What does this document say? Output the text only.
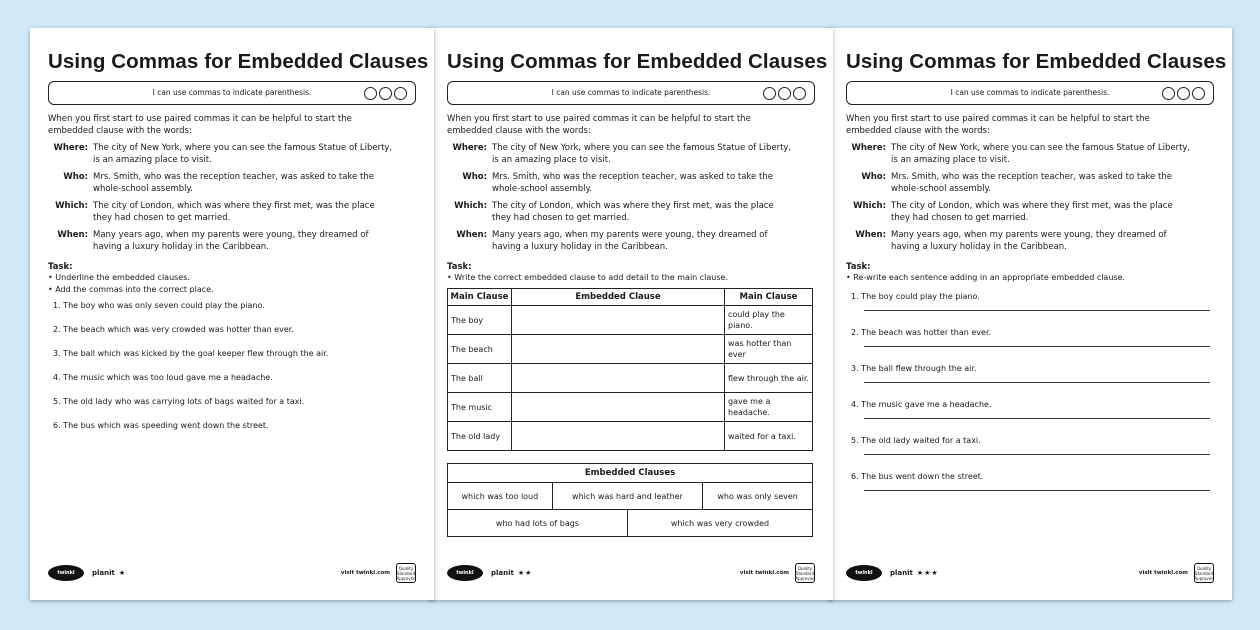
Using Commas for Embedded Clauses
I can use commas to indicate parenthesis.
When you first start to use paired commas it can be helpful to start the embedded clause with the words:
Where: The city of New York, where you can see the famous Statue of Liberty, is an amazing place to visit.
Who: Mrs. Smith, who was the reception teacher, was asked to take the whole-school assembly.
Which: The city of London, which was where they first met, was the place they had chosen to get married.
When: Many years ago, when my parents were young, they dreamed of having a luxury holiday in the Caribbean.
Task:
• Underline the embedded clauses.
• Add the commas into the correct place.
1. The boy who was only seven could play the piano.
2. The beach which was very crowded was hotter than ever.
3. The ball which was kicked by the goal keeper flew through the air.
4. The music which was too loud gave me a headache.
5. The old lady who was carrying lots of bags waited for a taxi.
6. The bus which was speeding went down the street.
twinkl	planit ★	visit twinkl.com
Quality Standard Approved
Using Commas for Embedded Clauses
I can use commas to indicate parenthesis.
When you first start to use paired commas it can be helpful to start the embedded clause with the words:
Where: The city of New York, where you can see the famous Statue of Liberty, is an amazing place to visit.
Who: Mrs. Smith, who was the reception teacher, was asked to take the whole-school assembly.
Which: The city of London, which was where they first met, was the place they had chosen to get married.
When: Many years ago, when my parents were young, they dreamed of having a luxury holiday in the Caribbean.
Task:
• Write the correct embedded clause to add detail to the main clause.
Main Clause	Embedded Clause	Main Clause
The boy		could play the piano.
The beach		was hotter than ever
The ball		flew through the air.
The music		gave me a headache.
The old lady		waited for a taxi.
Embedded Clauses			
which was too loud	which was hard and leather		who was only seven
who had lots of bags		which was very crowded	
twinkl	planit ★★	visit twinkl.com
Quality Standard Approved
Using Commas for Embedded Clauses
I can use commas to indicate parenthesis.
When you first start to use paired commas it can be helpful to start the embedded clause with the words:
Where: The city of New York, where you can see the famous Statue of Liberty, is an amazing place to visit.
Who: Mrs. Smith, who was the reception teacher, was asked to take the whole-school assembly.
Which: The city of London, which was where they first met, was the place they had chosen to get married.
When: Many years ago, when my parents were young, they dreamed of having a luxury holiday in the Caribbean.
Task:
• Re-write each sentence adding in an appropriate embedded clause.
1. The boy could play the piano.
2. The beach was hotter than ever.
3. The ball flew through the air.
4. The music gave me a headache.
5. The old lady waited for a taxi.
6. The bus went down the street.
twinkl	planit ★★★	visit twinkl.com
Quality Standard Approved
